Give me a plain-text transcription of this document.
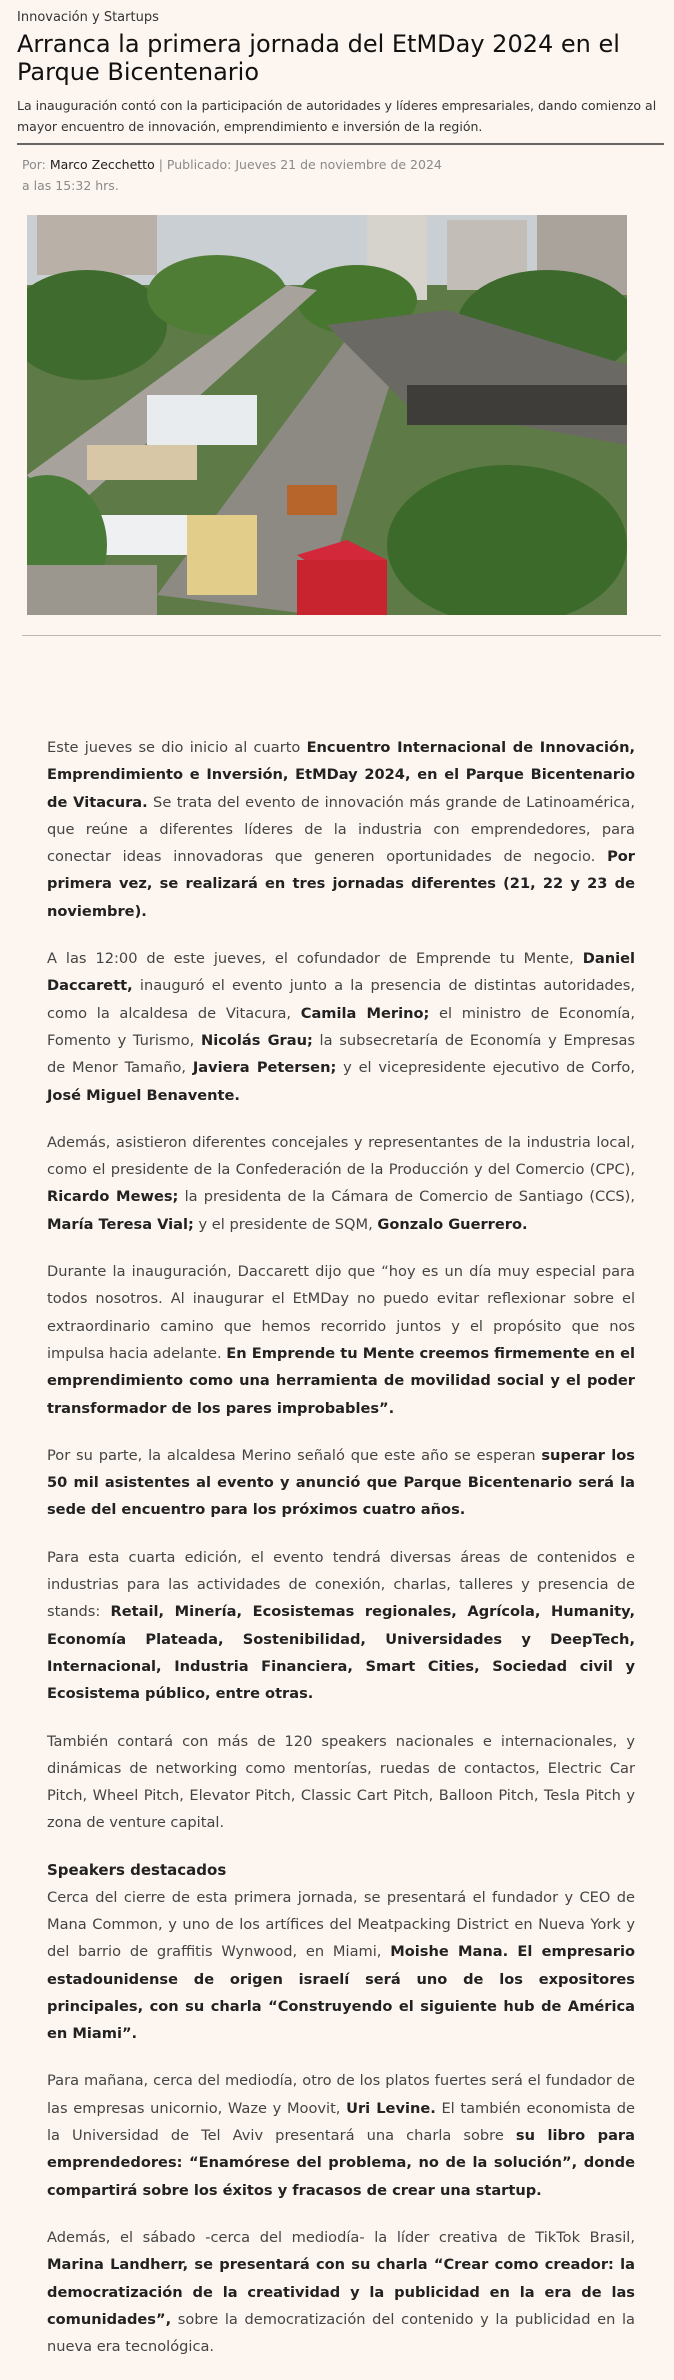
Innovación y Startups
Arranca la primera jornada del EtMDay 2024 en el Parque Bicentenario

La inauguración contó con la participación de autoridades y líderes empresariales, dando comienzo al mayor encuentro de innovación, emprendimiento e inversión de la región.

Por: Marco Zecchetto | Publicado: Jueves 21 de noviembre de 2024 a las 15:32 hrs.

Este jueves se dio inicio al cuarto Encuentro Internacional de Innovación, Emprendimiento e Inversión, EtMDay 2024, en el Parque Bicentenario de Vitacura. Se trata del evento de innovación más grande de Latinoamérica, que reúne a diferentes líderes de la industria con emprendedores, para conectar ideas innovadoras que generen oportunidades de negocio. Por primera vez, se realizará en tres jornadas diferentes (21, 22 y 23 de noviembre).

A las 12:00 de este jueves, el cofundador de Emprende tu Mente, Daniel Daccarett, inauguró el evento junto a la presencia de distintas autoridades, como la alcaldesa de Vitacura, Camila Merino; el ministro de Economía, Fomento y Turismo, Nicolás Grau; la subsecretaría de Economía y Empresas de Menor Tamaño, Javiera Petersen; y el vicepresidente ejecutivo de Corfo, José Miguel Benavente.

Además, asistieron diferentes concejales y representantes de la industria local, como el presidente de la Confederación de la Producción y del Comercio (CPC), Ricardo Mewes; la presidenta de la Cámara de Comercio de Santiago (CCS), María Teresa Vial; y el presidente de SQM, Gonzalo Guerrero.

Durante la inauguración, Daccarett dijo que “hoy es un día muy especial para todos nosotros. Al inaugurar el EtMDay no puedo evitar reflexionar sobre el extraordinario camino que hemos recorrido juntos y el propósito que nos impulsa hacia adelante. En Emprende tu Mente creemos firmemente en el emprendimiento como una herramienta de movilidad social y el poder transformador de los pares improbables”.

Por su parte, la alcaldesa Merino señaló que este año se esperan superar los 50 mil asistentes al evento y anunció que Parque Bicentenario será la sede del encuentro para los próximos cuatro años.

Para esta cuarta edición, el evento tendrá diversas áreas de contenidos e industrias para las actividades de conexión, charlas, talleres y presencia de stands: Retail, Minería, Ecosistemas regionales, Agrícola, Humanity, Economía Plateada, Sostenibilidad, Universidades y DeepTech, Internacional, Industria Financiera, Smart Cities, Sociedad civil y Ecosistema público, entre otras.

También contará con más de 120 speakers nacionales e internacionales, y dinámicas de networking como mentorías, ruedas de contactos, Electric Car Pitch, Wheel Pitch, Elevator Pitch, Classic Cart Pitch, Balloon Pitch, Tesla Pitch y zona de venture capital.

Speakers destacados

Cerca del cierre de esta primera jornada, se presentará el fundador y CEO de Mana Common, y uno de los artífices del Meatpacking District en Nueva York y del barrio de graffitis Wynwood, en Miami, Moishe Mana. El empresario estadounidense de origen israelí será uno de los expositores principales, con su charla “Construyendo el siguiente hub de América en Miami”.

Para mañana, cerca del mediodía, otro de los platos fuertes será el fundador de las empresas unicornio, Waze y Moovit, Uri Levine. El también economista de la Universidad de Tel Aviv presentará una charla sobre su libro para emprendedores: “Enamórese del problema, no de la solución”, donde compartirá sobre los éxitos y fracasos de crear una startup.

Además, el sábado -cerca del mediodía- la líder creativa de TikTok Brasil, Marina Landherr, se presentará con su charla “Crear como creador: la democratización de la creatividad y la publicidad en la era de las comunidades”, sobre la democratización del contenido y la publicidad en la nueva era tecnológica.
